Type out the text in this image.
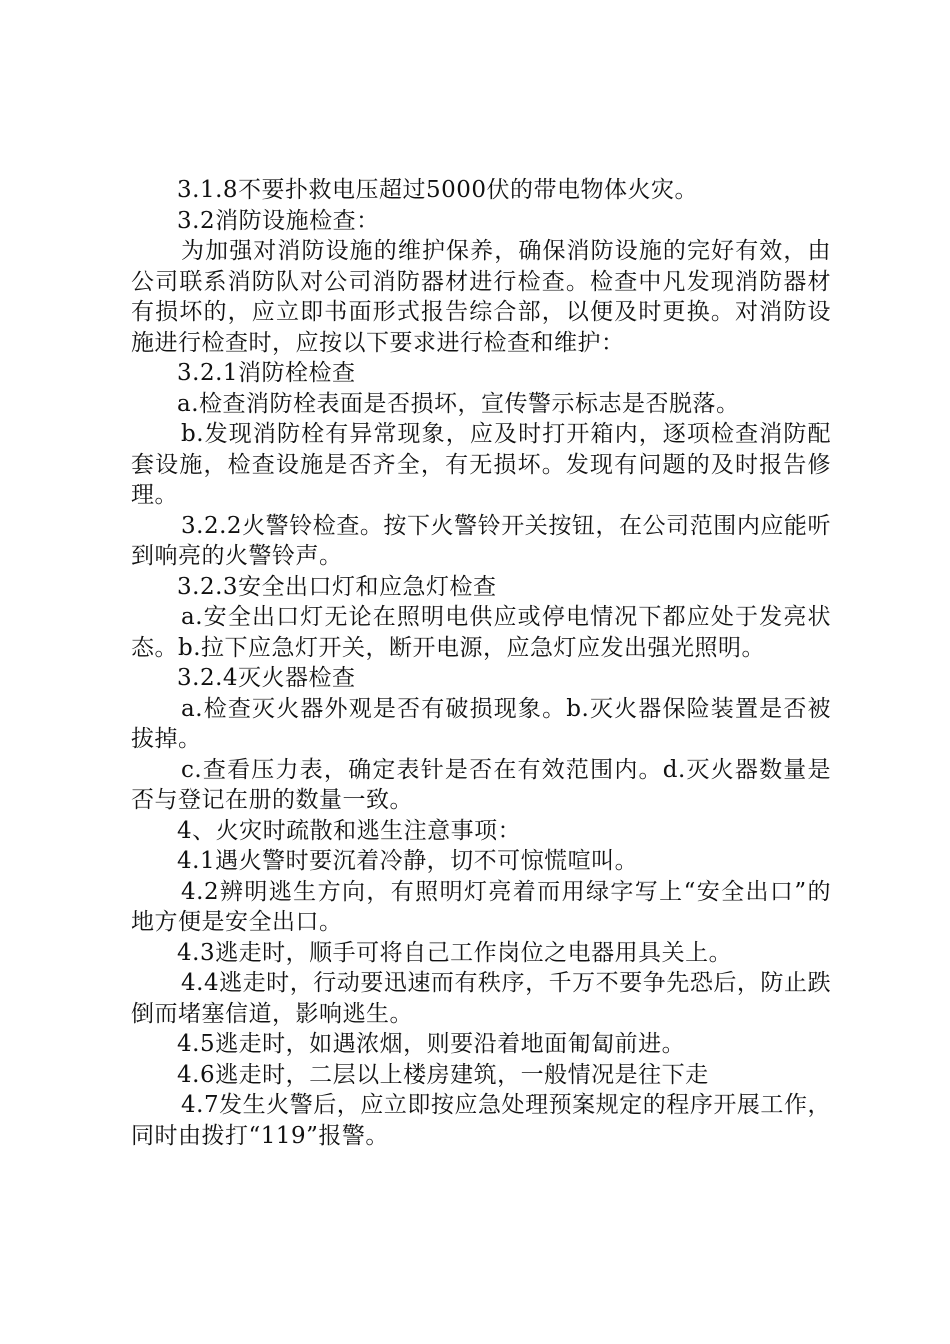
3.1.8不要扑救电压超过5000伏的带电物体火灾。

3.2消防设施检查：

为加强对消防设施的维护保养，确保消防设施的完好有效，由公司联系消防队对公司消防器材进行检查。检查中凡发现消防器材有损坏的，应立即书面形式报告综合部，以便及时更换。对消防设施进行检查时，应按以下要求进行检查和维护：

3.2.1消防栓检查

a.检查消防栓表面是否损坏，宣传警示标志是否脱落。

b.发现消防栓有异常现象，应及时打开箱内，逐项检查消防配套设施，检查设施是否齐全，有无损坏。发现有问题的及时报告修理。

3.2.2火警铃检查。按下火警铃开关按钮，在公司范围内应能听到响亮的火警铃声。

3.2.3安全出口灯和应急灯检查

a.安全出口灯无论在照明电供应或停电情况下都应处于发亮状态。b.拉下应急灯开关，断开电源，应急灯应发出强光照明。

3.2.4灭火器检查

a.检查灭火器外观是否有破损现象。b.灭火器保险装置是否被拔掉。

c.查看压力表，确定表针是否在有效范围内。d.灭火器数量是否与登记在册的数量一致。

4、火灾时疏散和逃生注意事项：

4.1遇火警时要沉着冷静，切不可惊慌喧叫。

4.2辨明逃生方向，有照明灯亮着而用绿字写上“安全出口”的地方便是安全出口。

4.3逃走时，顺手可将自己工作岗位之电器用具关上。

4.4逃走时，行动要迅速而有秩序，千万不要争先恐后，防止跌倒而堵塞信道，影响逃生。

4.5逃走时，如遇浓烟，则要沿着地面匍匐前进。

4.6逃走时，二层以上楼房建筑，一般情况是往下走

4.7发生火警后，应立即按应急处理预案规定的程序开展工作，同时由拨打“119”报警。
